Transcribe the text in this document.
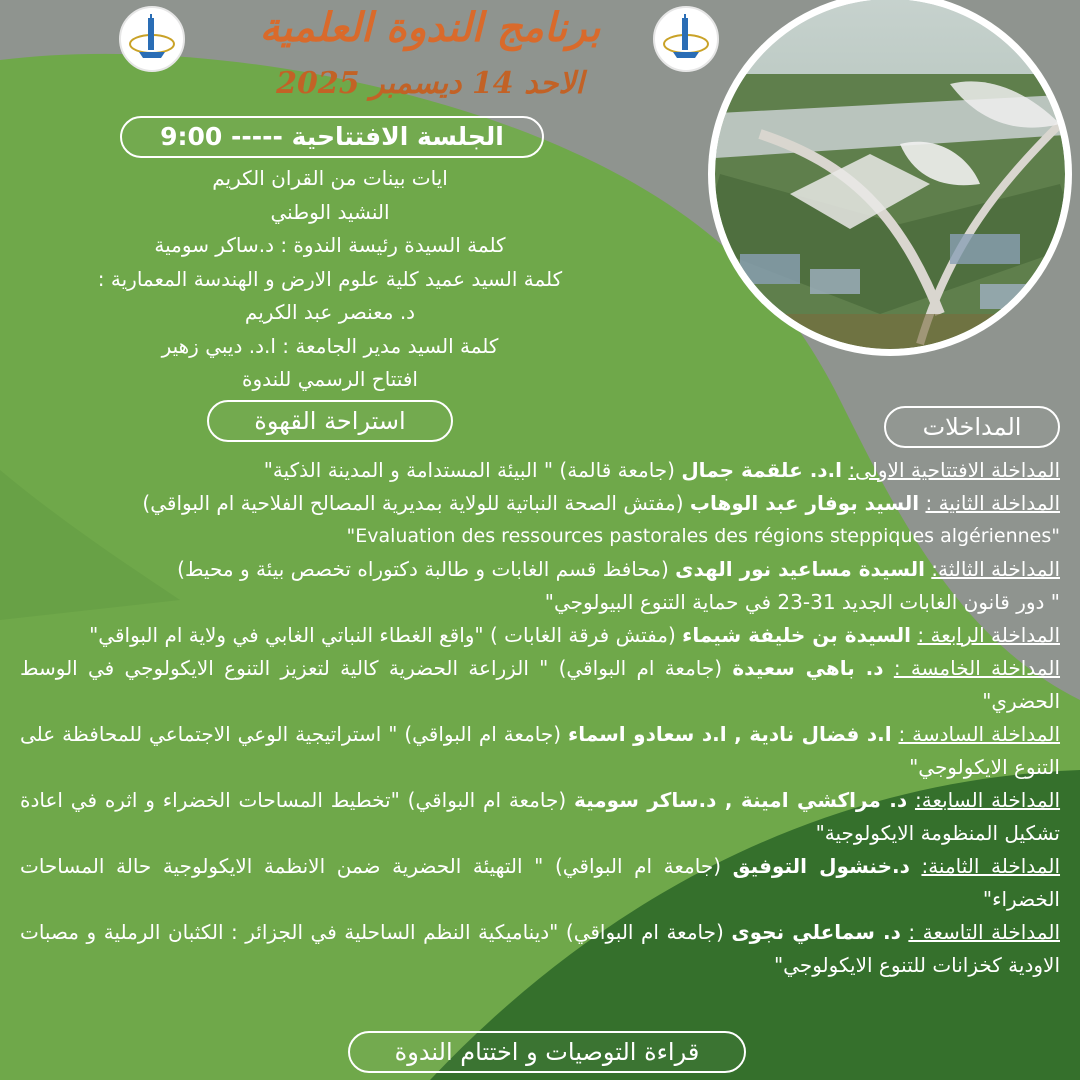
برنامج الندوة العلمية
الاحد 14 ديسمبر 2025
الجلسة الافتتاحية ----- 9:00
ايات بينات من القران الكريم
النشيد الوطني
كلمة السيدة رئيسة الندوة : د.ساكر سومية
كلمة السيد عميد كلية علوم الارض و الهندسة المعمارية :
د. معنصر عبد الكريم
كلمة السيد مدير الجامعة : ا.د. ديبي زهير
افتتاح الرسمي للندوة
استراحة القهوة	المداخلات
المداخلة الافتتاحية الاولى: ا.د. علقمة جمال (جامعة قالمة) " البيئة المستدامة و المدينة الذكية"
المداخلة الثانية : السيد بوفار عبد الوهاب (مفتش الصحة النباتية للولاية بمديرية المصالح الفلاحية ام البواقي)
"Evaluation des ressources pastorales des régions steppiques algériennes"
المداخلة الثالثة: السيدة مساعيد نور الهدى (محافظ قسم الغابات و طالبة دكتوراه تخصص بيئة و محيط)
" دور قانون الغابات الجديد 31-23 في حماية التنوع البيولوجي"
المداخلة الرابعة : السيدة بن خليفة شيماء (مفتش فرقة الغابات ) "واقع الغطاء النباتي الغابي في ولاية ام البواقي"
المداخلة الخامسة : د. باهي سعيدة (جامعة ام البواقي) " الزراعة الحضرية كالية لتعزيز التنوع الايكولوجي في الوسط الحضري"
المداخلة السادسة : ا.د فضال نادية , ا.د سعادو اسماء (جامعة ام البواقي) " استراتيجية الوعي الاجتماعي للمحافظة على التنوع الايكولوجي"
المداخلة السابعة: د. مراكشي امينة , د.ساكر سومية (جامعة ام البواقي) "تخطيط المساحات الخضراء و اثره في اعادة تشكيل المنظومة الايكولوجية"
المداخلة الثامنة: د.خنشول التوفيق (جامعة ام البواقي) " التهيئة الحضرية ضمن الانظمة الايكولوجية حالة المساحات الخضراء"
المداخلة التاسعة : د. سماعلي نجوى (جامعة ام البواقي) "ديناميكية النظم الساحلية في الجزائر : الكثبان الرملية و مصبات الاودية كخزانات للتنوع الايكولوجي"
قراءة التوصيات و اختتام الندوة
